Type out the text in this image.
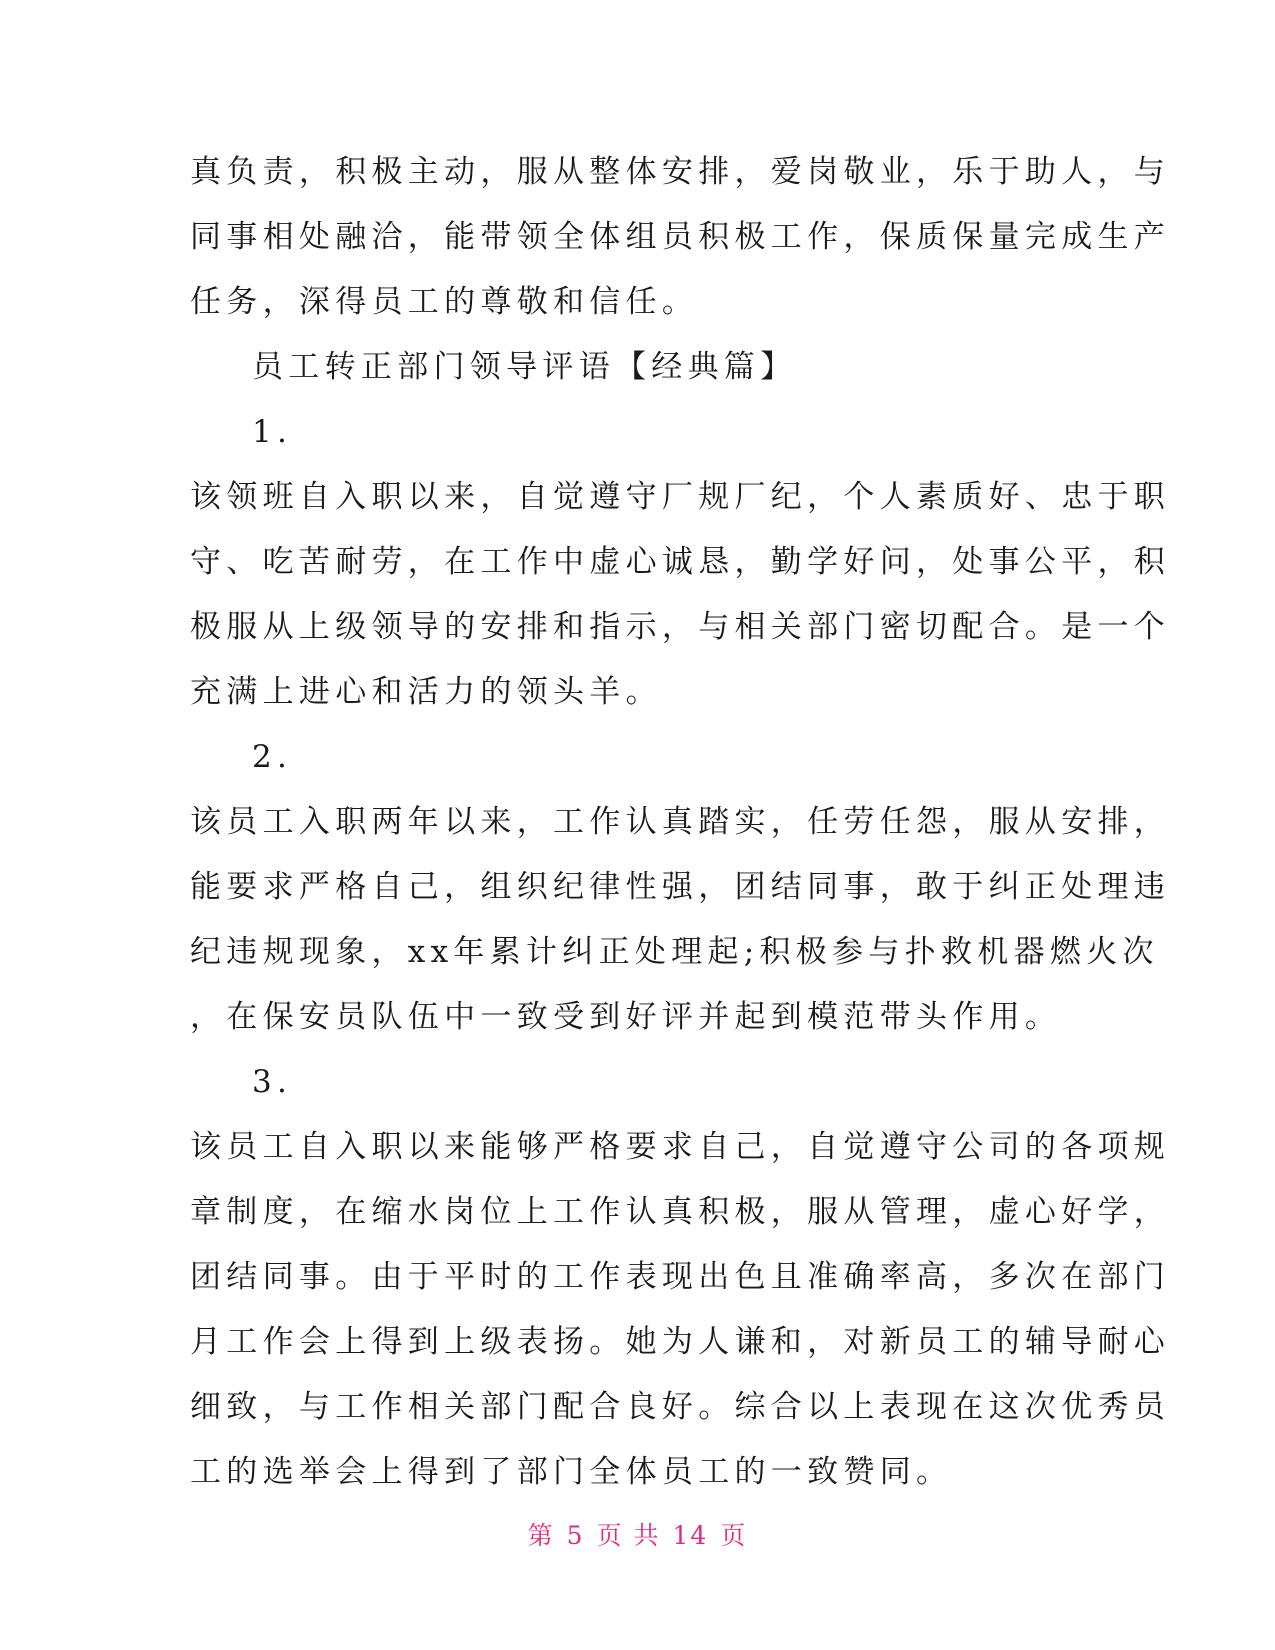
真负责，积极主动，服从整体安排，爱岗敬业，乐于助人，与
同事相处融洽，能带领全体组员积极工作，保质保量完成生产
任务，深得员工的尊敬和信任。
员工转正部门领导评语【经典篇】
1.
该领班自入职以来，自觉遵守厂规厂纪，个人素质好、忠于职
守、吃苦耐劳，在工作中虚心诚恳，勤学好问，处事公平，积
极服从上级领导的安排和指示，与相关部门密切配合。是一个
充满上进心和活力的领头羊。
2.
该员工入职两年以来，工作认真踏实，任劳任怨，服从安排，
能要求严格自己，组织纪律性强，团结同事，敢于纠正处理违
纪违规现象，xx年累计纠正处理起;积极参与扑救机器燃火次
，在保安员队伍中一致受到好评并起到模范带头作用。
3.
该员工自入职以来能够严格要求自己，自觉遵守公司的各项规
章制度，在缩水岗位上工作认真积极，服从管理，虚心好学，
团结同事。由于平时的工作表现出色且准确率高，多次在部门
月工作会上得到上级表扬。她为人谦和，对新员工的辅导耐心
细致，与工作相关部门配合良好。综合以上表现在这次优秀员
工的选举会上得到了部门全体员工的一致赞同。
第 5 页 共 14 页
